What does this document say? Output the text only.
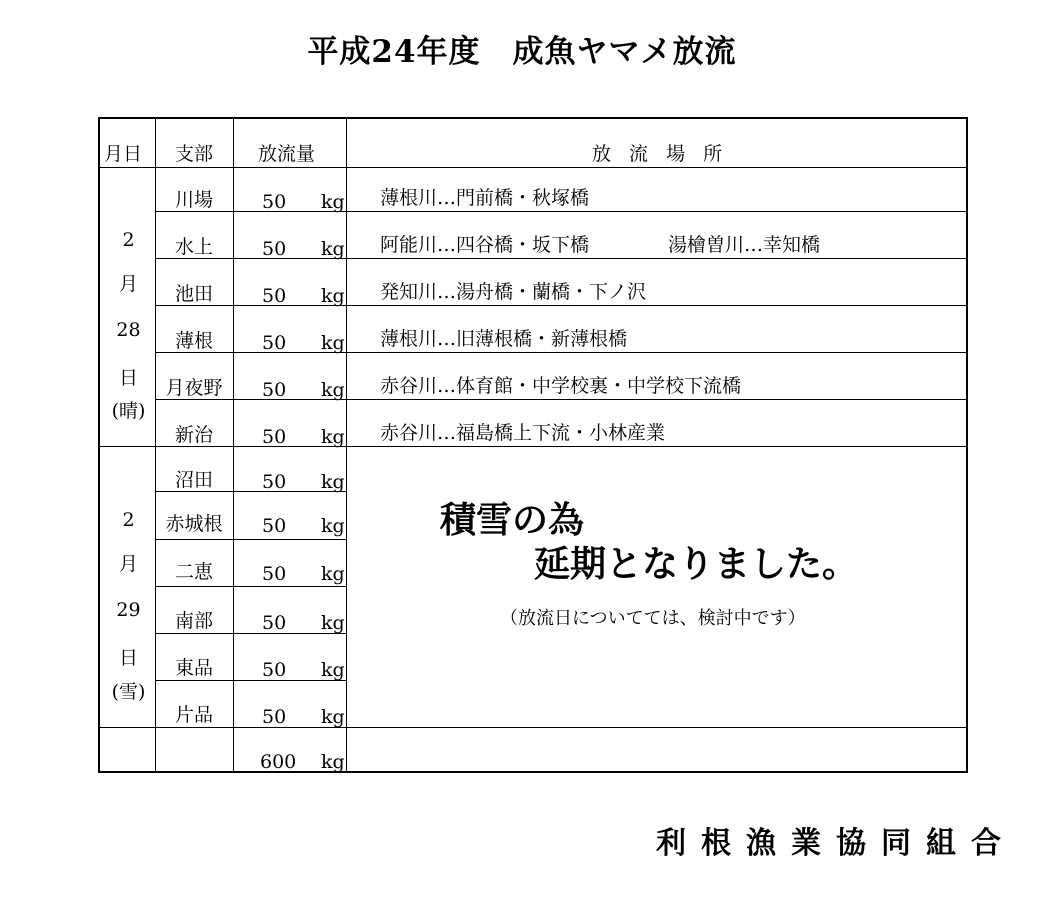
平成24年度　成魚ヤマメ放流
月日	支部	放流量	放 流 場 所
2
月
28
日
(晴)
川場	50 kg 薄根川…門前橋・秋塚橋
水上	50 kg 阿能川…四谷橋・坂下橋	湯檜曽川…幸知橋
池田	50 kg 発知川…湯舟橋・蘭橋・下ノ沢
薄根	50 kg 薄根川…旧薄根橋・新薄根橋
月夜野	50 kg 赤谷川…体育館・中学校裏・中学校下流橋
新治	50 kg 赤谷川…福島橋上下流・小林産業
2
月
29
日
(雪)
沼田	50 kg
赤城根	50 kg
二恵	50 kg
南部	50 kg
東品	50 kg
片品	50 kg
積雪の為
延期となりました。
（放流日についてては、検討中です）
600 kg
利根漁業協同組合
